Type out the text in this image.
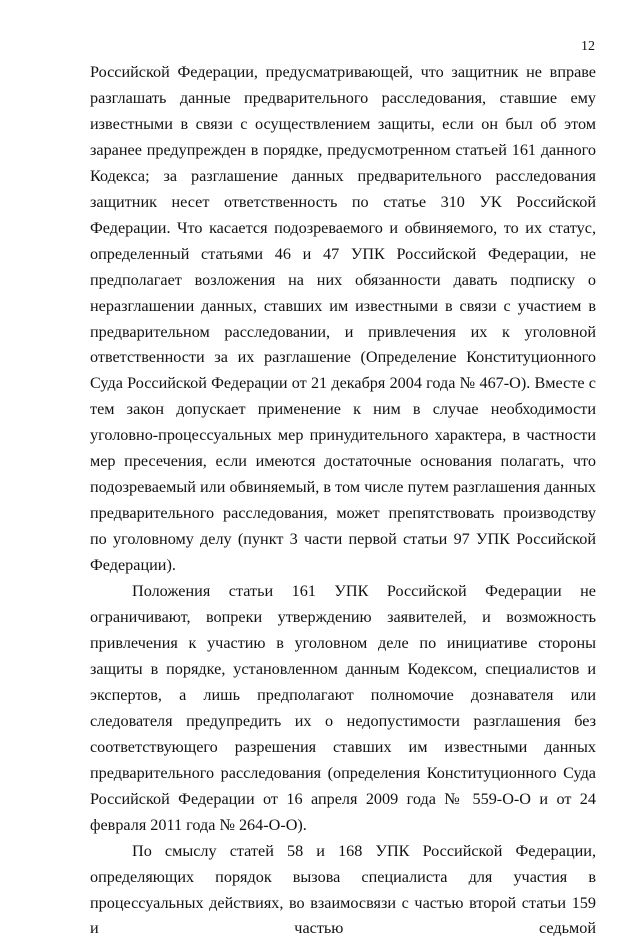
12

Российской Федерации, предусматривающей, что защитник не вправе разглашать данные предварительного расследования, ставшие ему известными в связи с осуществлением защиты, если он был об этом заранее предупрежден в порядке, предусмотренном статьей 161 данного Кодекса; за разглашение данных предварительного расследования защитник несет ответственность по статье 310 УК Российской Федерации. Что касается подозреваемого и обвиняемого, то их статус, определенный статьями 46 и 47 УПК Российской Федерации, не предполагает возложения на них обязанности давать подписку о неразглашении данных, ставших им известными в связи с участием в предварительном расследовании, и привлечения их к уголовной ответственности за их разглашение (Определение Конституционного Суда Российской Федерации от 21 декабря 2004 года № 467-О). Вместе с тем закон допускает применение к ним в случае необходимости уголовно-процессуальных мер принудительного характера, в частности мер пресечения, если имеются достаточные основания полагать, что подозреваемый или обвиняемый, в том числе путем разглашения данных предварительного расследования, может препятствовать производству по уголовному делу (пункт 3 части первой статьи 97 УПК Российской Федерации).

Положения статьи 161 УПК Российской Федерации не ограничивают, вопреки утверждению заявителей, и возможность привлечения к участию в уголовном деле по инициативе стороны защиты в порядке, установленном данным Кодексом, специалистов и экспертов, а лишь предполагают полномочие дознавателя или следователя предупредить их о недопустимости разглашения без соответствующего разрешения ставших им известными данных предварительного расследования (определения Конституционного Суда Российской Федерации от 16 апреля 2009 года № 559-О-О и от 24 февраля 2011 года № 264-О-О).

По смыслу статей 58 и 168 УПК Российской Федерации, определяющих порядок вызова специалиста для участия в процессуальных действиях, во взаимосвязи с частью второй статьи 159 и частью седьмой
